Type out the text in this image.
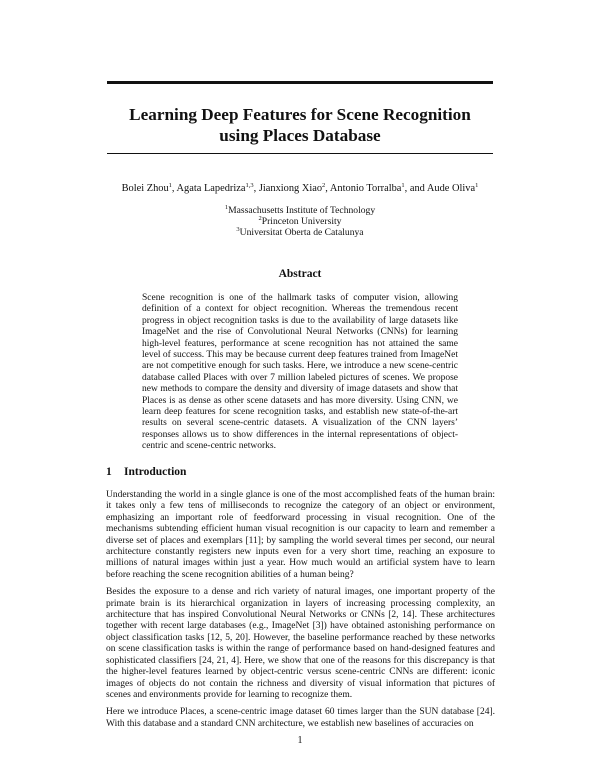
Learning Deep Features for Scene Recognition
using Places Database
Bolei Zhou$^1$, Agata Lapedriza$^{1,3}$, Jianxiong Xiao$^2$, Antonio Torralba$^1$, and Aude Oliva$^1$
$^1$Massachusetts Institute of Technology
$^2$Princeton University
$^3$Universitat Oberta de Catalunya
Abstract

Scene recognition is one of the hallmark tasks of computer vision, allowing definition of a context for object recognition. Whereas the tremendous recent progress in object recognition tasks is due to the availability of large datasets like ImageNet and the rise of Convolutional Neural Networks (CNNs) for learning high-level features, performance at scene recognition has not attained the same level of success. This may be because current deep features trained from ImageNet are not competitive enough for such tasks. Here, we introduce a new scene-centric database called Places with over 7 million labeled pictures of scenes. We propose new methods to compare the density and diversity of image datasets and show that Places is as dense as other scene datasets and has more diversity. Using CNN, we learn deep features for scene recognition tasks, and establish new state-of-the-art results on several scene-centric datasets. A visualization of the CNN layers’ responses allows us to show differences in the internal representations of object-centric and scene-centric networks.

1 Introduction

Understanding the world in a single glance is one of the most accomplished feats of the human brain: it takes only a few tens of milliseconds to recognize the category of an object or environment, emphasizing an important role of feedforward processing in visual recognition. One of the mechanisms subtending efficient human visual recognition is our capacity to learn and remember a diverse set of places and exemplars [11]; by sampling the world several times per second, our neural architecture constantly registers new inputs even for a very short time, reaching an exposure to millions of natural images within just a year. How much would an artificial system have to learn before reaching the scene recognition abilities of a human being?

Besides the exposure to a dense and rich variety of natural images, one important property of the primate brain is its hierarchical organization in layers of increasing processing complexity, an architecture that has inspired Convolutional Neural Networks or CNNs [2, 14]. These architectures together with recent large databases (e.g., ImageNet [3]) have obtained astonishing performance on object classification tasks [12, 5, 20]. However, the baseline performance reached by these networks on scene classification tasks is within the range of performance based on hand-designed features and sophisticated classifiers [24, 21, 4]. Here, we show that one of the reasons for this discrepancy is that the higher-level features learned by object-centric versus scene-centric CNNs are different: iconic images of objects do not contain the richness and diversity of visual information that pictures of scenes and environments provide for learning to recognize them.

Here we introduce Places, a scene-centric image dataset 60 times larger than the SUN database [24]. With this database and a standard CNN architecture, we establish new baselines of accuracies on

1
